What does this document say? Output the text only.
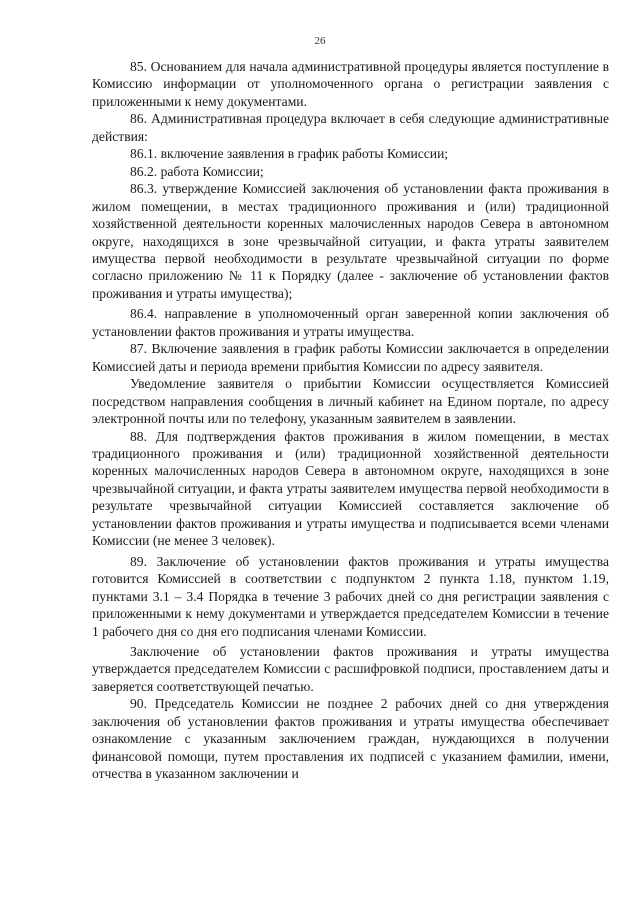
26

85. Основанием для начала административной процедуры является поступление в Комиссию информации от уполномоченного органа о регистрации заявления с приложенными к нему документами.

86. Административная процедура включает в себя следующие административные действия:

86.1. включение заявления в график работы Комиссии;

86.2. работа Комиссии;

86.3. утверждение Комиссией заключения об установлении факта проживания в жилом помещении, в местах традиционного проживания и (или) традиционной хозяйственной деятельности коренных малочисленных народов Севера в автономном округе, находящихся в зоне чрезвычайной ситуации, и факта утраты заявителем имущества первой необходимости в результате чрезвычайной ситуации по форме согласно приложению № 11 к Порядку (далее - заключение об установлении фактов проживания и утраты имущества);

86.4. направление в уполномоченный орган заверенной копии заключения об установлении фактов проживания и утраты имущества.

87. Включение заявления в график работы Комиссии заключается в определении Комиссией даты и периода времени прибытия Комиссии по адресу заявителя.

Уведомление заявителя о прибытии Комиссии осуществляется Комиссией посредством направления сообщения в личный кабинет на Едином портале, по адресу электронной почты или по телефону, указанным заявителем в заявлении.

88. Для подтверждения фактов проживания в жилом помещении, в местах традиционного проживания и (или) традиционной хозяйственной деятельности коренных малочисленных народов Севера в автономном округе, находящихся в зоне чрезвычайной ситуации, и факта утраты заявителем имущества первой необходимости в результате чрезвычайной ситуации Комиссией составляется заключение об установлении фактов проживания и утраты имущества и подписывается всеми членами Комиссии (не менее 3 человек).

89. Заключение об установлении фактов проживания и утраты имущества готовится Комиссией в соответствии с подпунктом 2 пункта 1.18, пунктом 1.19, пунктами 3.1 – 3.4 Порядка в течение 3 рабочих дней со дня регистрации заявления с приложенными к нему документами и утверждается председателем Комиссии в течение 1 рабочего дня со дня его подписания членами Комиссии.

Заключение об установлении фактов проживания и утраты имущества утверждается председателем Комиссии с расшифровкой подписи, проставлением даты и заверяется соответствующей печатью.

90. Председатель Комиссии не позднее 2 рабочих дней со дня утверждения заключения об установлении фактов проживания и утраты имущества обеспечивает ознакомление с указанным заключением граждан, нуждающихся в получении финансовой помощи, путем проставления их подписей с указанием фамилии, имени, отчества в указанном заключении и
